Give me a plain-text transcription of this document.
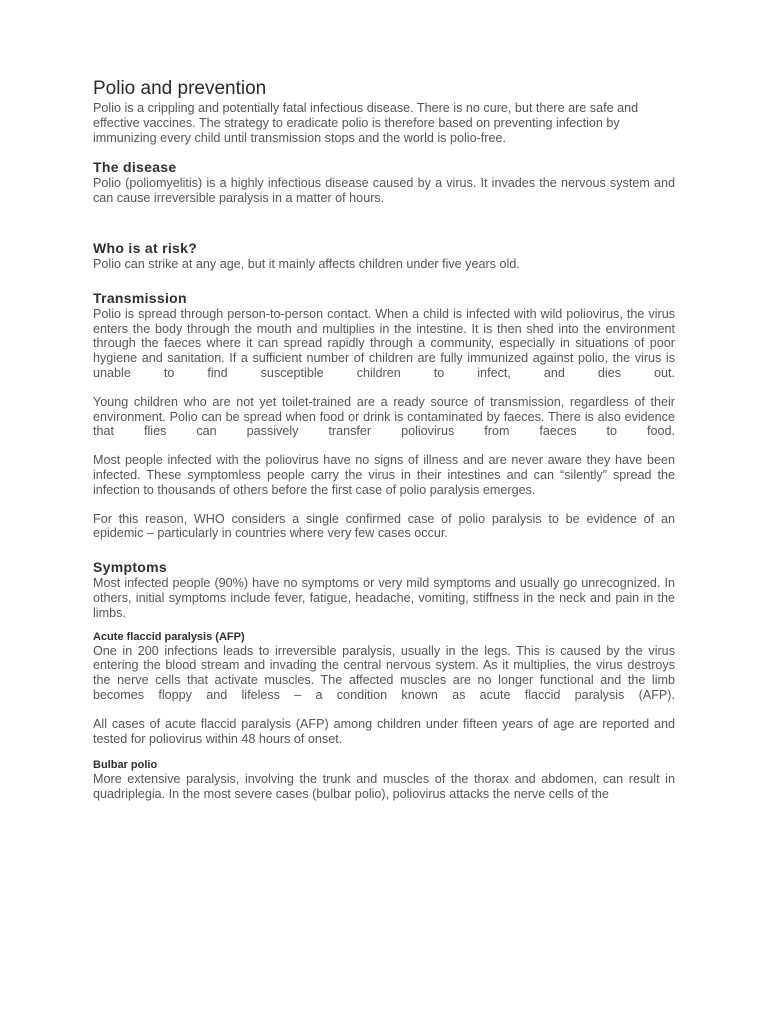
Polio and prevention

Polio is a crippling and potentially fatal infectious disease. There is no cure, but there are safe and effective vaccines. The strategy to eradicate polio is therefore based on preventing infection by immunizing every child until transmission stops and the world is polio-free.

The disease

Polio (poliomyelitis) is a highly infectious disease caused by a virus. It invades the nervous system and can cause irreversible paralysis in a matter of hours.

Who is at risk?

Polio can strike at any age, but it mainly affects children under five years old.

Transmission

Polio is spread through person-to-person contact. When a child is infected with wild poliovirus, the virus enters the body through the mouth and multiplies in the intestine. It is then shed into the environment through the faeces where it can spread rapidly through a community, especially in situations of poor hygiene and sanitation. If a sufficient number of children are fully immunized against polio, the virus is unable to find susceptible children to infect, and dies out.

Young children who are not yet toilet-trained are a ready source of transmission, regardless of their environment. Polio can be spread when food or drink is contaminated by faeces. There is also evidence that flies can passively transfer poliovirus from faeces to food.

Most people infected with the poliovirus have no signs of illness and are never aware they have been infected. These symptomless people carry the virus in their intestines and can “silently” spread the infection to thousands of others before the first case of polio paralysis emerges.

For this reason, WHO considers a single confirmed case of polio paralysis to be evidence of an epidemic – particularly in countries where very few cases occur.

Symptoms

Most infected people (90%) have no symptoms or very mild symptoms and usually go unrecognized. In others, initial symptoms include fever, fatigue, headache, vomiting, stiffness in the neck and pain in the limbs.

Acute flaccid paralysis (AFP)

One in 200 infections leads to irreversible paralysis, usually in the legs. This is caused by the virus entering the blood stream and invading the central nervous system. As it multiplies, the virus destroys the nerve cells that activate muscles. The affected muscles are no longer functional and the limb becomes floppy and lifeless – a condition known as acute flaccid paralysis (AFP).

All cases of acute flaccid paralysis (AFP) among children under fifteen years of age are reported and tested for poliovirus within 48 hours of onset.

Bulbar polio

More extensive paralysis, involving the trunk and muscles of the thorax and abdomen, can result in quadriplegia. In the most severe cases (bulbar polio), poliovirus attacks the nerve cells of the
